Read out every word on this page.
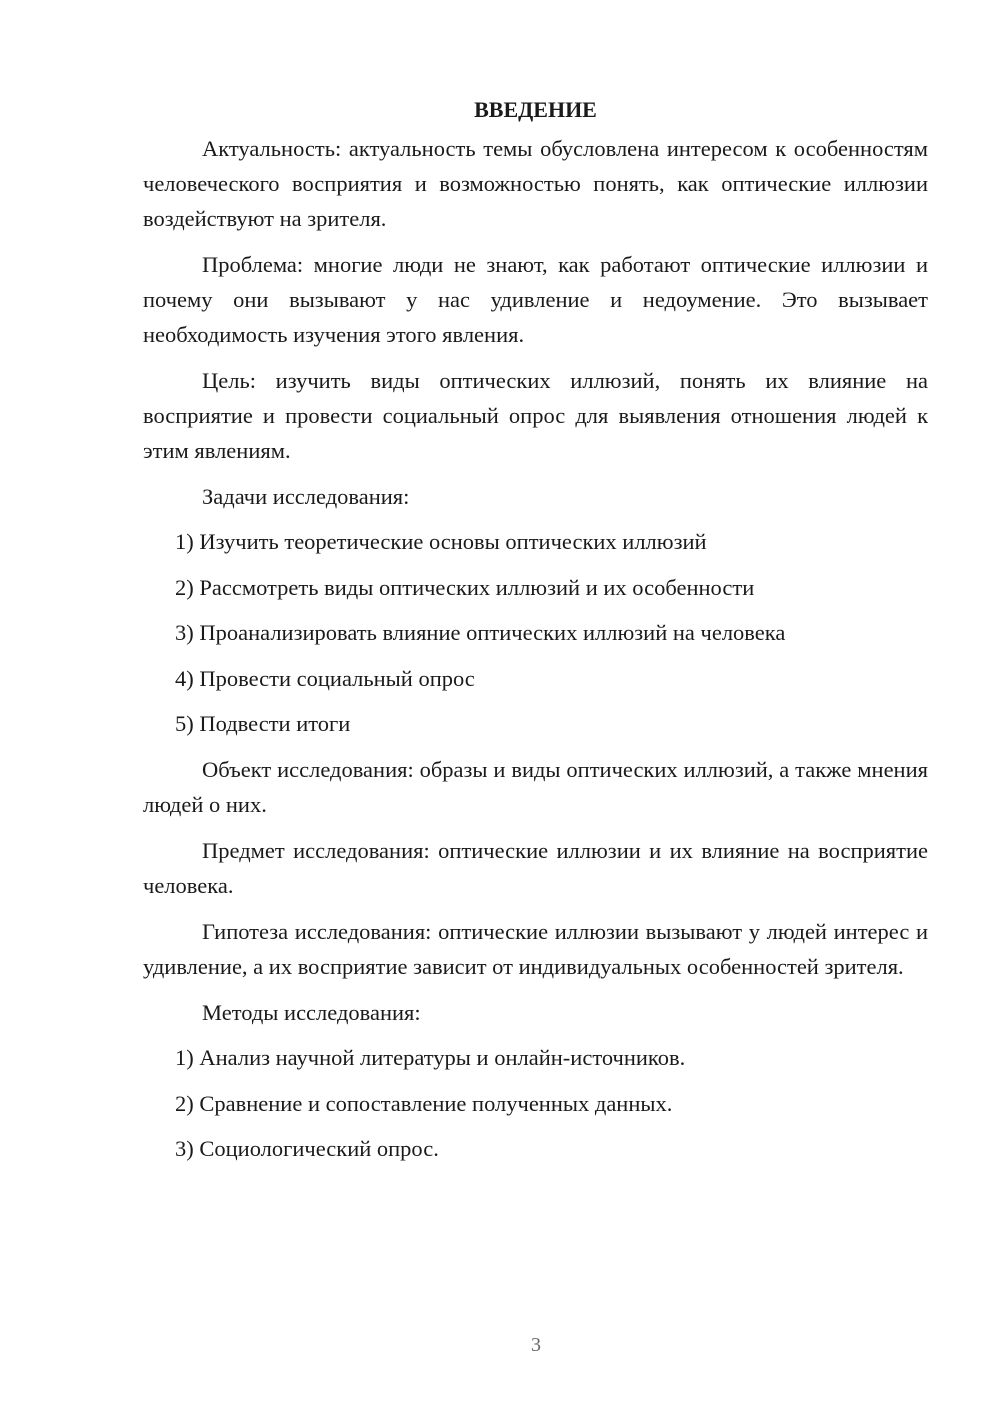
ВВЕДЕНИЕ

Актуальность: актуальность темы обусловлена интересом к особенностям человеческого восприятия и возможностью понять, как оптические иллюзии воздействуют на зрителя.

Проблема: многие люди не знают, как работают оптические иллюзии и почему они вызывают у нас удивление и недоумение. Это вызывает необходимость изучения этого явления.

Цель: изучить виды оптических иллюзий, понять их влияние на восприятие и провести социальный опрос для выявления отношения людей к этим явлениям.

Задачи исследования:

1) Изучить теоретические основы оптических иллюзий
2) Рассмотреть виды оптических иллюзий и их особенности
3) Проанализировать влияние оптических иллюзий на человека
4) Провести социальный опрос
5) Подвести итоги

Объект исследования: образы и виды оптических иллюзий, а также мнения людей о них.

Предмет исследования: оптические иллюзии и их влияние на восприятие человека.

Гипотеза исследования: оптические иллюзии вызывают у людей интерес и удивление, а их восприятие зависит от индивидуальных особенностей зрителя.

Методы исследования:

1) Анализ научной литературы и онлайн-источников.
2) Сравнение и сопоставление полученных данных.
3) Социологический опрос.
3
